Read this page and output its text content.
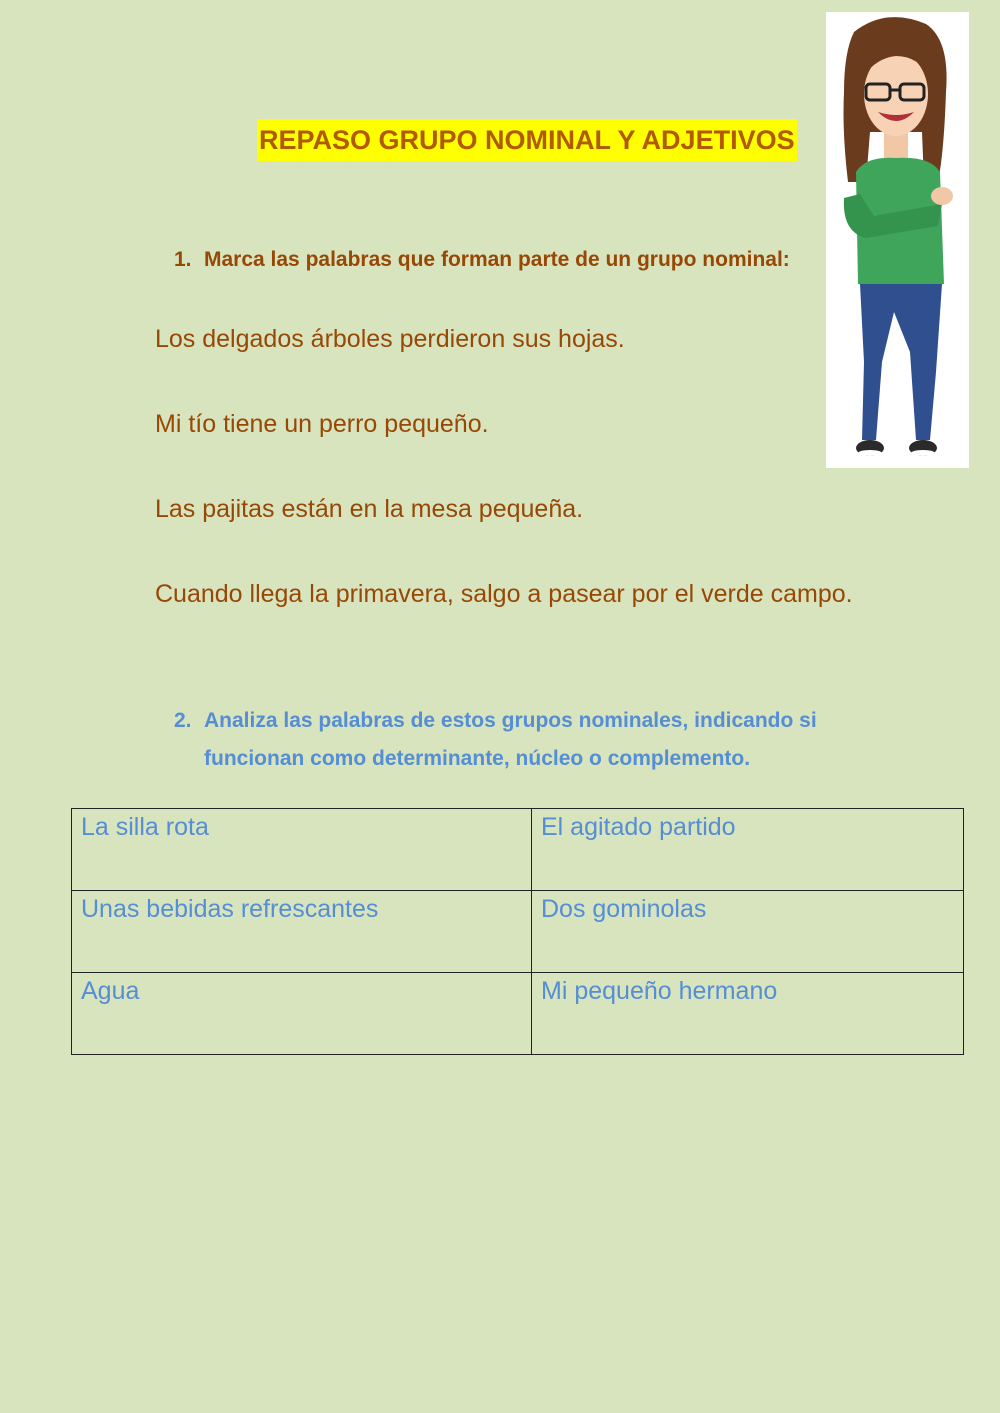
REPASO GRUPO NOMINAL Y ADJETIVOS
1. Marca las palabras que forman parte de un grupo nominal:
Los delgados árboles perdieron sus hojas.
Mi tío tiene un perro pequeño.
Las pajitas están en la mesa pequeña.
Cuando llega la primavera, salgo a pasear por el verde campo.
2. Analiza las palabras de estos grupos nominales, indicando si funcionan como determinante, núcleo o complemento.
La silla rota	El agitado partido
Unas bebidas refrescantes	Dos gominolas
Agua	Mi pequeño hermano
